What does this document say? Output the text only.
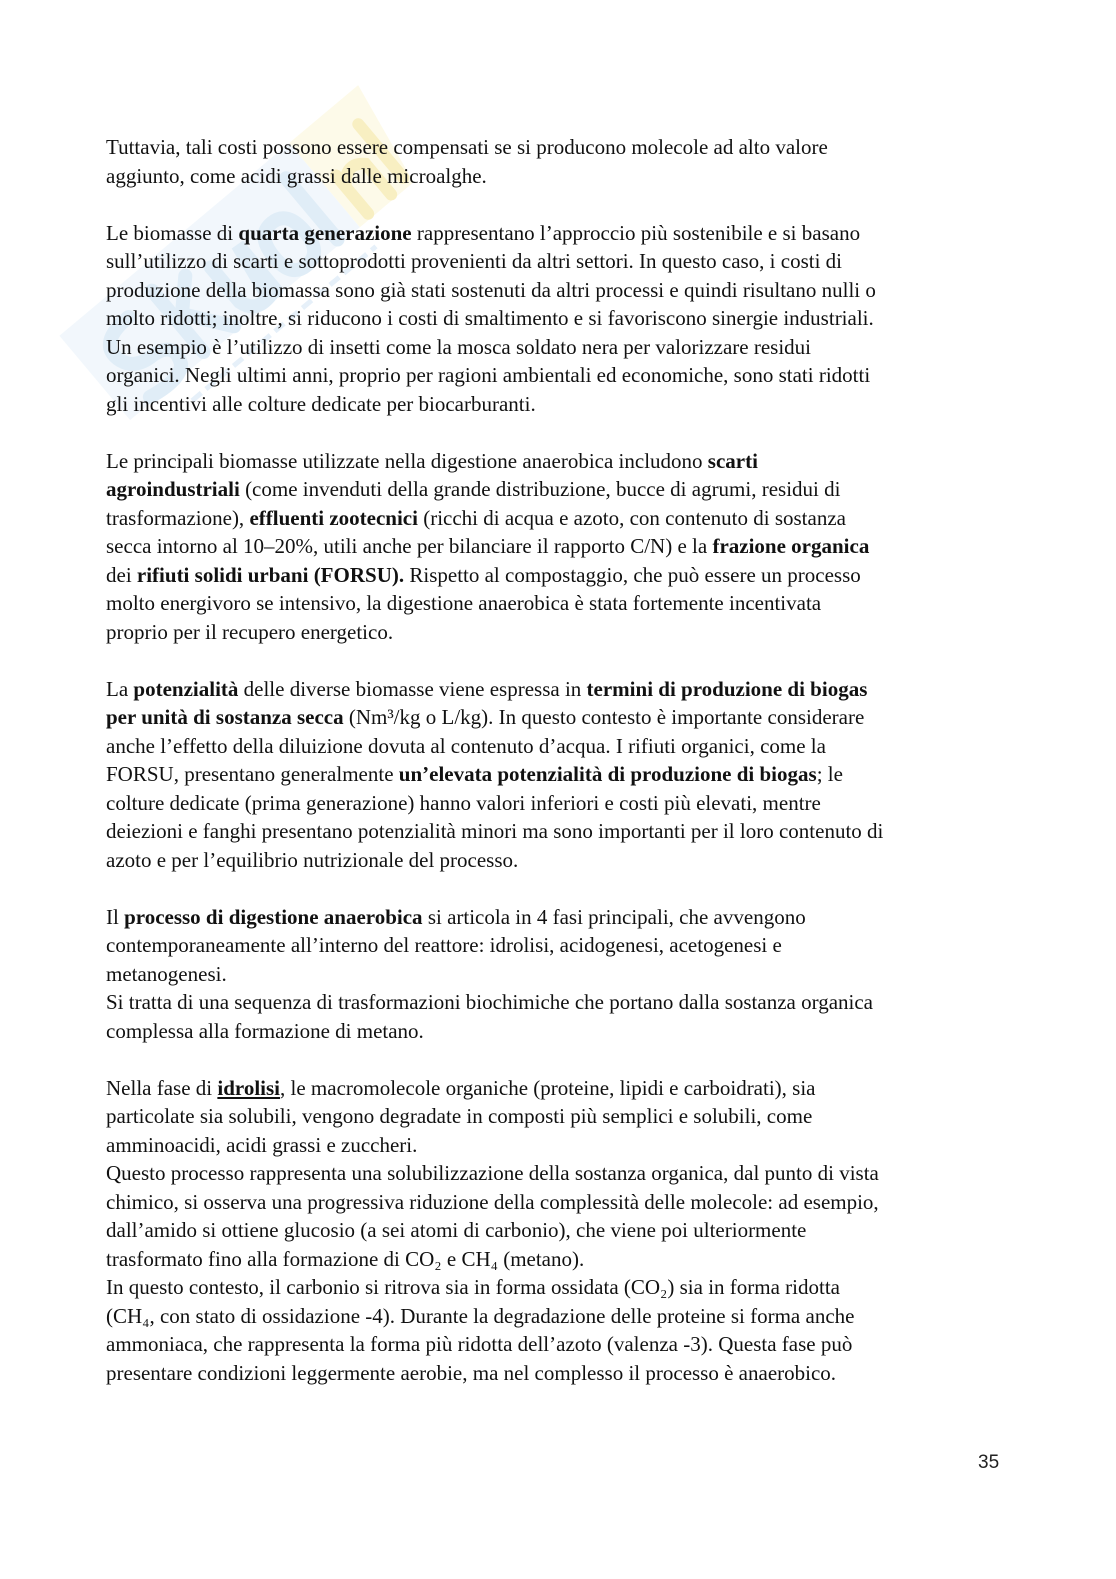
Tuttavia, tali costi possono essere compensati se si producono molecole ad alto valore
aggiunto, come acidi grassi dalle microalghe.
Le biomasse di quarta generazione rappresentano l’approccio più sostenibile e si basano
sull’utilizzo di scarti e sottoprodotti provenienti da altri settori. In questo caso, i costi di
produzione della biomassa sono già stati sostenuti da altri processi e quindi risultano nulli o
molto ridotti; inoltre, si riducono i costi di smaltimento e si favoriscono sinergie industriali.
Un esempio è l’utilizzo di insetti come la mosca soldato nera per valorizzare residui
organici. Negli ultimi anni, proprio per ragioni ambientali ed economiche, sono stati ridotti
gli incentivi alle colture dedicate per biocarburanti.
Le principali biomasse utilizzate nella digestione anaerobica includono scarti
agroindustriali (come invenduti della grande distribuzione, bucce di agrumi, residui di
trasformazione), effluenti zootecnici (ricchi di acqua e azoto, con contenuto di sostanza
secca intorno al 10–20%, utili anche per bilanciare il rapporto C/N) e la frazione organica
dei rifiuti solidi urbani (FORSU). Rispetto al compostaggio, che può essere un processo
molto energivoro se intensivo, la digestione anaerobica è stata fortemente incentivata
proprio per il recupero energetico.
La potenzialità delle diverse biomasse viene espressa in termini di produzione di biogas
per unità di sostanza secca (Nm³/kg o L/kg). In questo contesto è importante considerare
anche l’effetto della diluizione dovuta al contenuto d’acqua. I rifiuti organici, come la
FORSU, presentano generalmente un’elevata potenzialità di produzione di biogas; le
colture dedicate (prima generazione) hanno valori inferiori e costi più elevati, mentre
deiezioni e fanghi presentano potenzialità minori ma sono importanti per il loro contenuto di
azoto e per l’equilibrio nutrizionale del processo.
Il processo di digestione anaerobica si articola in 4 fasi principali, che avvengono
contemporaneamente all’interno del reattore: idrolisi, acidogenesi, acetogenesi e
metanogenesi.
Si tratta di una sequenza di trasformazioni biochimiche che portano dalla sostanza organica
complessa alla formazione di metano.
Nella fase di idrolisi, le macromolecole organiche (proteine, lipidi e carboidrati), sia
particolate sia solubili, vengono degradate in composti più semplici e solubili, come
amminoacidi, acidi grassi e zuccheri.
Questo processo rappresenta una solubilizzazione della sostanza organica, dal punto di vista
chimico, si osserva una progressiva riduzione della complessità delle molecole: ad esempio,
dall’amido si ottiene glucosio (a sei atomi di carbonio), che viene poi ulteriormente
trasformato fino alla formazione di CO₂ e CH₄ (metano).
In questo contesto, il carbonio si ritrova sia in forma ossidata (CO₂) sia in forma ridotta
(CH₄, con stato di ossidazione -4). Durante la degradazione delle proteine si forma anche
ammoniaca, che rappresenta la forma più ridotta dell’azoto (valenza -3). Questa fase può
presentare condizioni leggermente aerobie, ma nel complesso il processo è anaerobico.
35
